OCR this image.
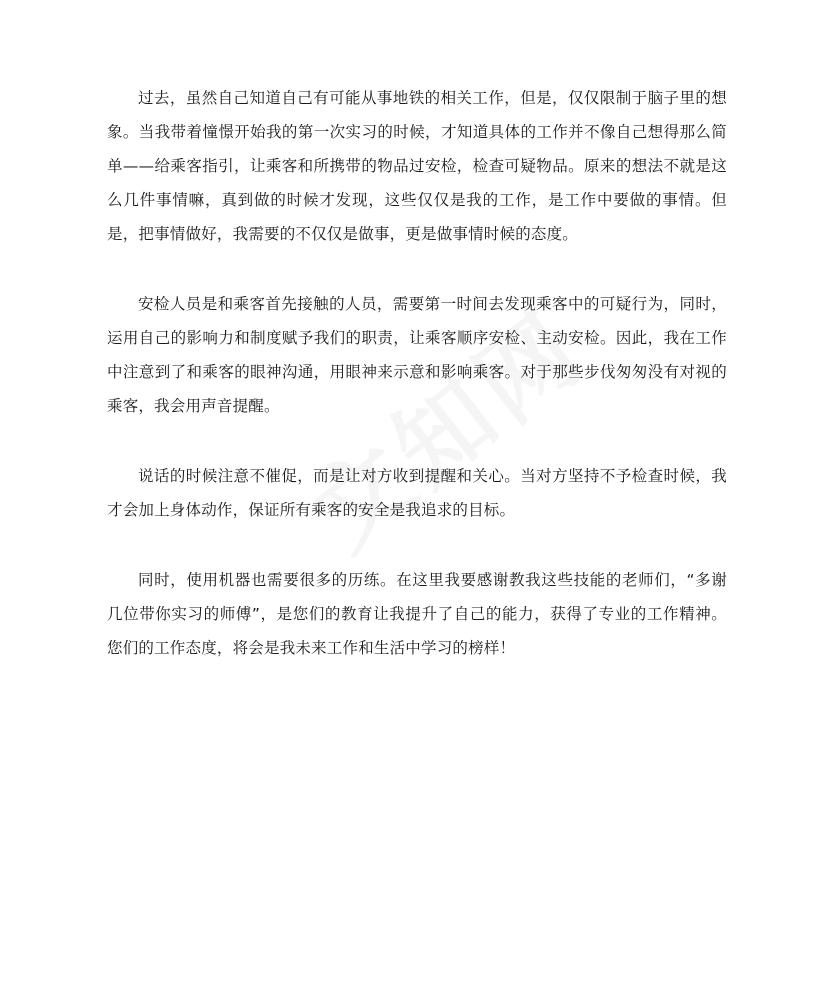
过去，虽然自己知道自己有可能从事地铁的相关工作，但是，仅仅限制于脑子里的想象。当我带着憧憬开始我的第一次实习的时候，才知道具体的工作并不像自己想得那么简单——给乘客指引，让乘客和所携带的物品过安检，检查可疑物品。原来的想法不就是这么几件事情嘛，真到做的时候才发现，这些仅仅是我的工作，是工作中要做的事情。但是，把事情做好，我需要的不仅仅是做事，更是做事情时候的态度。

安检人员是和乘客首先接触的人员，需要第一时间去发现乘客中的可疑行为，同时，运用自己的影响力和制度赋予我们的职责，让乘客顺序安检、主动安检。因此，我在工作中注意到了和乘客的眼神沟通，用眼神来示意和影响乘客。对于那些步伐匆匆没有对视的乘客，我会用声音提醒。

说话的时候注意不催促，而是让对方收到提醒和关心。当对方坚持不予检查时候，我才会加上身体动作，保证所有乘客的安全是我追求的目标。

同时，使用机器也需要很多的历练。在这里我要感谢教我这些技能的老师们，“多谢几位带你实习的师傅”，是您们的教育让我提升了自己的能力，获得了专业的工作精神。您们的工作态度，将会是我未来工作和生活中学习的榜样！
